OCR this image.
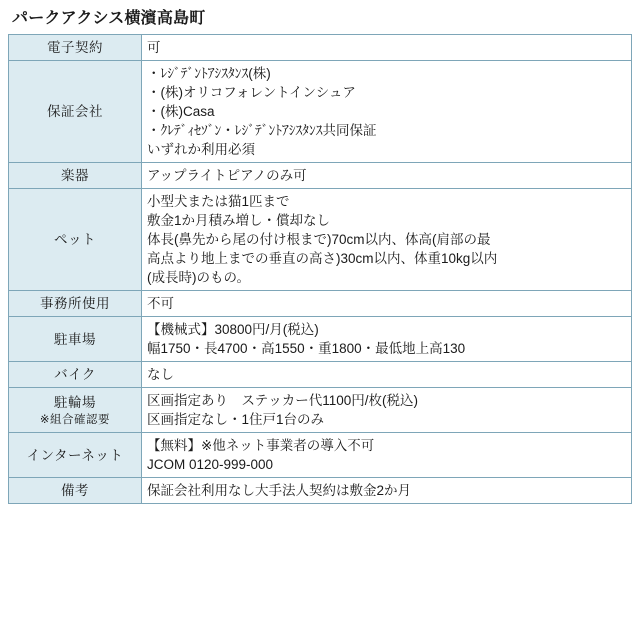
パークアクシス横濱高島町
電子契約	可

保証会社	・ﾚｼﾞﾃﾞﾝﾄｱｼｽﾀﾝｽ(株)
・(株)オリコフォレントインシュア
・(株)Casa
・ｸﾚﾃﾞｨｾｿﾞﾝ・ﾚｼﾞﾃﾞﾝﾄｱｼｽﾀﾝｽ共同保証
いずれか利用必須

楽器	アップライトピアノのみ可

ペット	小型犬または猫1匹まで
敷金1か月積み増し・償却なし
体長(鼻先から尾の付け根まで)70cm以内、体高(肩部の最
高点より地上までの垂直の高さ)30cm以内、体重10kg以内
(成長時)のもの。

事務所使用	不可

駐車場	【機械式】30800円/月(税込)
幅1750・長4700・高1550・重1800・最低地上高130

バイク	なし

駐輪場
※組合確認要	区画指定あり　ステッカー代1100円/枚(税込)
区画指定なし・1住戸1台のみ

インターネット	【無料】※他ネット事業者の導入不可
JCOM 0120-999-000

備考	保証会社利用なし大手法人契約は敷金2か月
